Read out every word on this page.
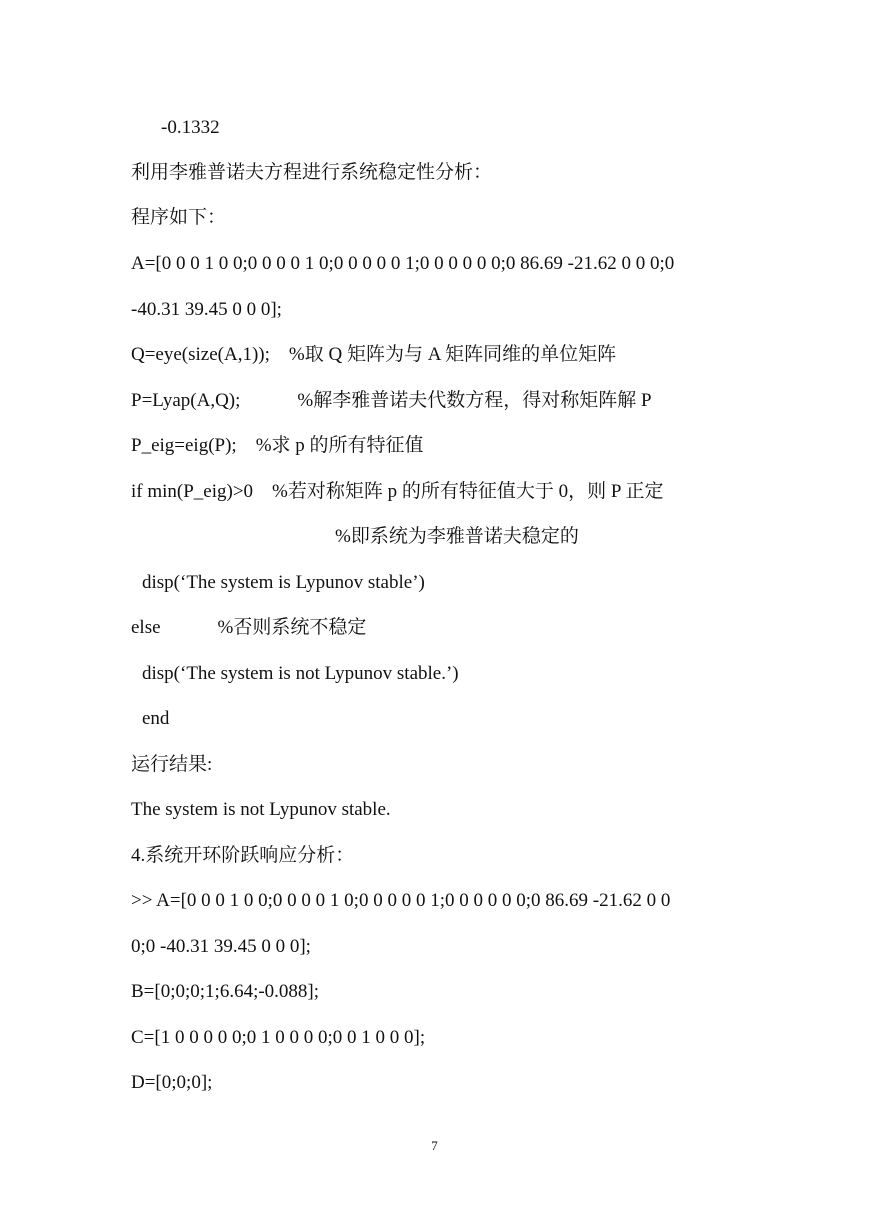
-0.1332
利用李雅普诺夫方程进行系统稳定性分析：
程序如下：
A=[0 0 0 1 0 0;0 0 0 0 1 0;0 0 0 0 0 1;0 0 0 0 0 0;0 86.69 -21.62 0 0 0;0
-40.31 39.45 0 0 0];
Q=eye(size(A,1));    %取 Q 矩阵为与 A 矩阵同维的单位矩阵
P=Lyap(A,Q);            %解李雅普诺夫代数方程，得对称矩阵解 P
P_eig=eig(P);    %求 p 的所有特征值
if min(P_eig)>0    %若对称矩阵 p 的所有特征值大于 0，则 P 正定
%即系统为李雅普诺夫稳定的
disp(‘The system is Lypunov stable’)
else            %否则系统不稳定
disp(‘The system is not Lypunov stable.’)
end
运行结果:
The system is not Lypunov stable.
4.系统开环阶跃响应分析：
>> A=[0 0 0 1 0 0;0 0 0 0 1 0;0 0 0 0 0 1;0 0 0 0 0 0;0 86.69 -21.62 0 0
0;0 -40.31 39.45 0 0 0];
B=[0;0;0;1;6.64;-0.088];
C=[1 0 0 0 0 0;0 1 0 0 0 0;0 0 1 0 0 0];
D=[0;0;0];
7
